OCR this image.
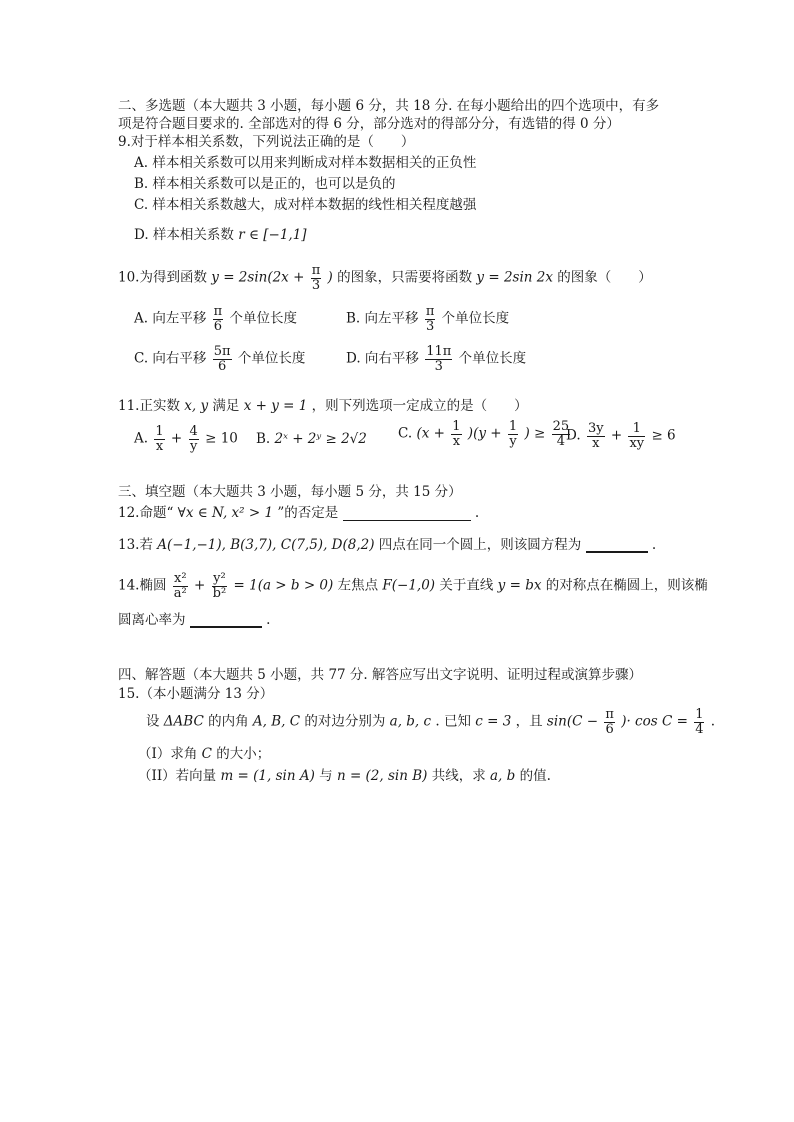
二、多选题（本大题共 3 小题，每小题 6 分，共 18 分. 在每小题给出的四个选项中，有多
项是符合题目要求的. 全部选对的得 6 分，部分选对的得部分分，有选错的得 0 分）
9.对于样本相关系数，下列说法正确的是（　　）
A. 样本相关系数可以用来判断成对样本数据相关的正负性
B. 样本相关系数可以是正的，也可以是负的
C. 样本相关系数越大，成对样本数据的线性相关程度越强
D. 样本相关系数 r ∈ [−1,1]
10.为得到函数 $y = 2\sin(2x + \frac{\pi}{3}$ ) 的图象，只需要将函数 y = 2sin 2x 的图象（　　）
A. 向左平移 $\frac{\pi}{6}$ 个单位长度	B. 向左平移 $\frac{\pi}{3}$ 个单位长度
C. 向右平移 $\frac{5\pi}{6}$ 个单位长度	D. 向右平移 $\frac{11\pi}{3}$ 个单位长度
11.正实数 x, y 满足 x + y = 1 ，则下列选项一定成立的是（　　）
A. $\frac{1}{x} + \frac{4}{y} \ge 10$ B. 2ˣ + 2ʸ ≥ 2√2 C. $(x + \frac{1}{x} )(y + \frac{1}{y}$ ) ≥ $\frac{25}{4}$
D. $\frac{3y}{x} + \frac{1}{xy} \ge 6$
三、填空题（本大题共 3 小题，每小题 5 分，共 15 分）
12.命题“ ∀x ∈ N, x² > 1 ”的否定是	.
13.若 A(−1,−1), B(3,7), C(7,5), D(8,2) 四点在同一个圆上，则该圆方程为	.
14.椭圆 $\frac{\text{x²}}{\text{a²}} + \frac{\text{y²}}{\text{b²}} = 1(a > b > 0)$ 左焦点 F(−1,0) 关于直线 y = bx 的对称点在椭圆上，则该椭
圆离心率为	.
四、解答题（本大题共 5 小题，共 77 分. 解答应写出文字说明、证明过程或演算步骤）
15.（本小题满分 13 分）
设 ΔABC 的内角 A, B, C 的对边分别为 a, b, c . 已知 c = 3 ，且 $\sin(C - \frac{\pi}{6}$ )· $\cos C = \frac{1}{4}$ .
（I）求角 C 的大小；
（II）若向量 m = (1, sin A) 与 n = (2, sin B) 共线，求 a, b 的值.
